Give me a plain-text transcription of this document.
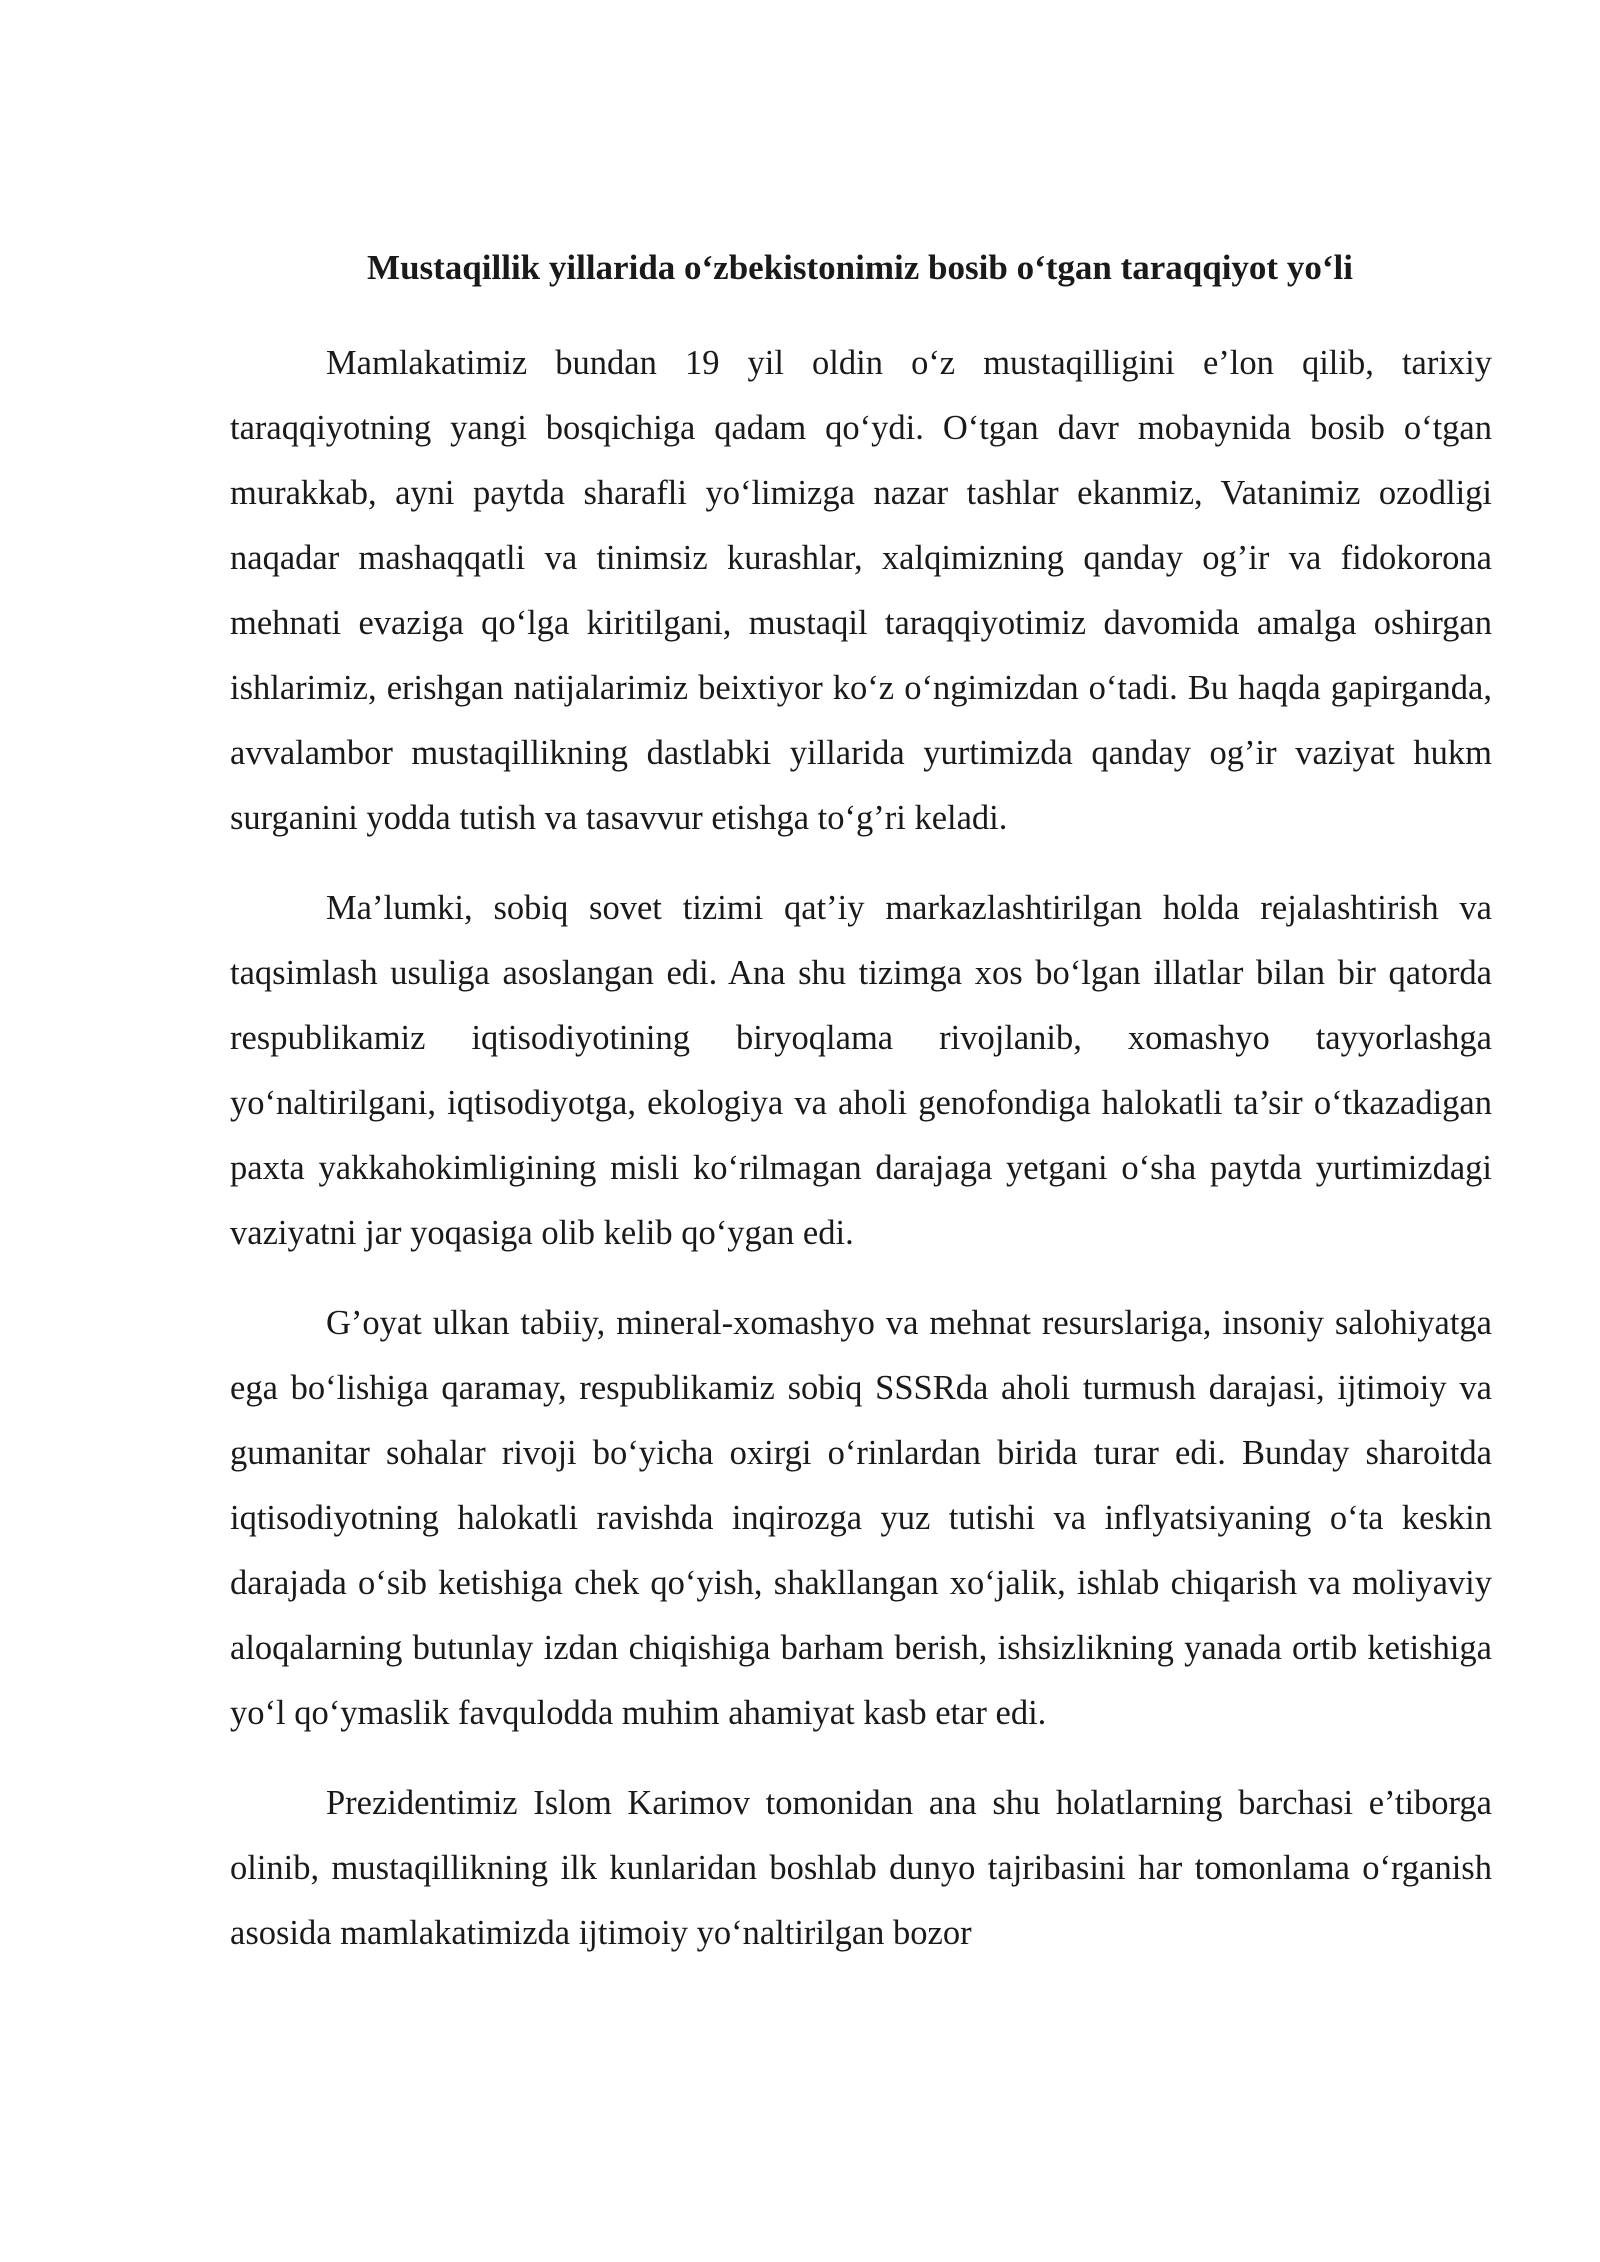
Mustaqillik yillarida o‘zbekistonimiz bosib o‘tgan taraqqiyot yo‘li

Mamlakatimiz bundan 19 yil oldin o‘z mustaqilligini e’lon qilib, tarixiy taraqqiyotning yangi bosqichiga qadam qo‘ydi. O‘tgan davr mobaynida bosib o‘tgan murakkab, ayni paytda sharafli yo‘limizga nazar tashlar ekanmiz, Vatanimiz ozodligi naqadar mashaqqatli va tinimsiz kurashlar, xalqimizning qanday og’ir va fidokorona mehnati evaziga qo‘lga kiritilgani, mustaqil taraqqiyotimiz davomida amalga oshirgan ishlarimiz, erishgan natijalarimiz beixtiyor ko‘z o‘ngimizdan o‘tadi. Bu haqda gapirganda, avvalambor mustaqillikning dastlabki yillarida yurtimizda qanday og’ir vaziyat hukm surganini yodda tutish va tasavvur etishga to‘g’ri keladi.

Ma’lumki, sobiq sovet tizimi qat’iy markazlashtirilgan holda rejalashtirish va taqsimlash usuliga asoslangan edi. Ana shu tizimga xos bo‘lgan illatlar bilan bir qatorda respublikamiz iqtisodiyotining biryoqlama rivojlanib, xomashyo tayyorlashga yo‘naltirilgani, iqtisodiyotga, ekologiya va aholi genofondiga halokatli ta’sir o‘tkazadigan paxta yakkahokimligining misli ko‘rilmagan darajaga yetgani o‘sha paytda yurtimizdagi vaziyatni jar yoqasiga olib kelib qo‘ygan edi.

G’oyat ulkan tabiiy, mineral-xomashyo va mehnat resurslariga, insoniy salohiyatga ega bo‘lishiga qaramay, respublikamiz sobiq SSSRda aholi turmush darajasi, ijtimoiy va gumanitar sohalar rivoji bo‘yicha oxirgi o‘rinlardan birida turar edi. Bunday sharoitda iqtisodiyotning halokatli ravishda inqirozga yuz tutishi va inflyatsiyaning o‘ta keskin darajada o‘sib ketishiga chek qo‘yish, shakllangan xo‘jalik, ishlab chiqarish va moliyaviy aloqalarning butunlay izdan chiqishiga barham berish, ishsizlikning yanada ortib ketishiga yo‘l qo‘ymaslik favqulodda muhim ahamiyat kasb etar edi.

Prezidentimiz Islom Karimov tomonidan ana shu holatlarning barchasi e’tiborga olinib, mustaqillikning ilk kunlaridan boshlab dunyo tajribasini har tomonlama o‘rganish asosida mamlakatimizda ijtimoiy yo‘naltirilgan bozor
